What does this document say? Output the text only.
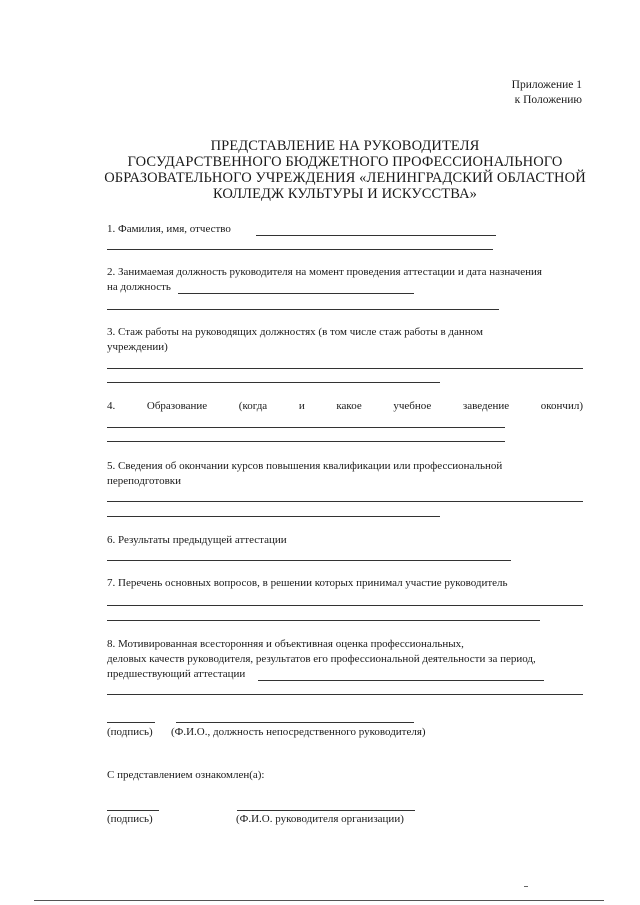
Приложение 1
к Положению
ПРЕДСТАВЛЕНИЕ НА РУКОВОДИТЕЛЯ
ГОСУДАРСТВЕННОГО БЮДЖЕТНОГО ПРОФЕССИОНАЛЬНОГО
ОБРАЗОВАТЕЛЬНОГО УЧРЕЖДЕНИЯ «ЛЕНИНГРАДСКИЙ ОБЛАСТНОЙ
КОЛЛЕДЖ КУЛЬТУРЫ И ИСКУССТВА»
1. Фамилия, имя, отчество
2. Занимаемая должность руководителя на момент проведения аттестации и дата назначения
на должность
3. Стаж работы на руководящих должностях (в том числе стаж работы в данном
учреждении)
4.	Образование	(когда	и	какое	учебное	заведение	окончил)
5. Сведения об окончании курсов повышения квалификации или профессиональной
переподготовки
6. Результаты предыдущей аттестации
7. Перечень основных вопросов, в решении которых принимал участие руководитель
8. Мотивированная всесторонняя и объективная оценка профессиональных,
деловых качеств руководителя, результатов его профессиональной деятельности за период,
предшествующий аттестации
(подпись) (Ф.И.О., должность непосредственного руководителя)
С представлением ознакомлен(а):
(подпись)	(Ф.И.О. руководителя организации)
